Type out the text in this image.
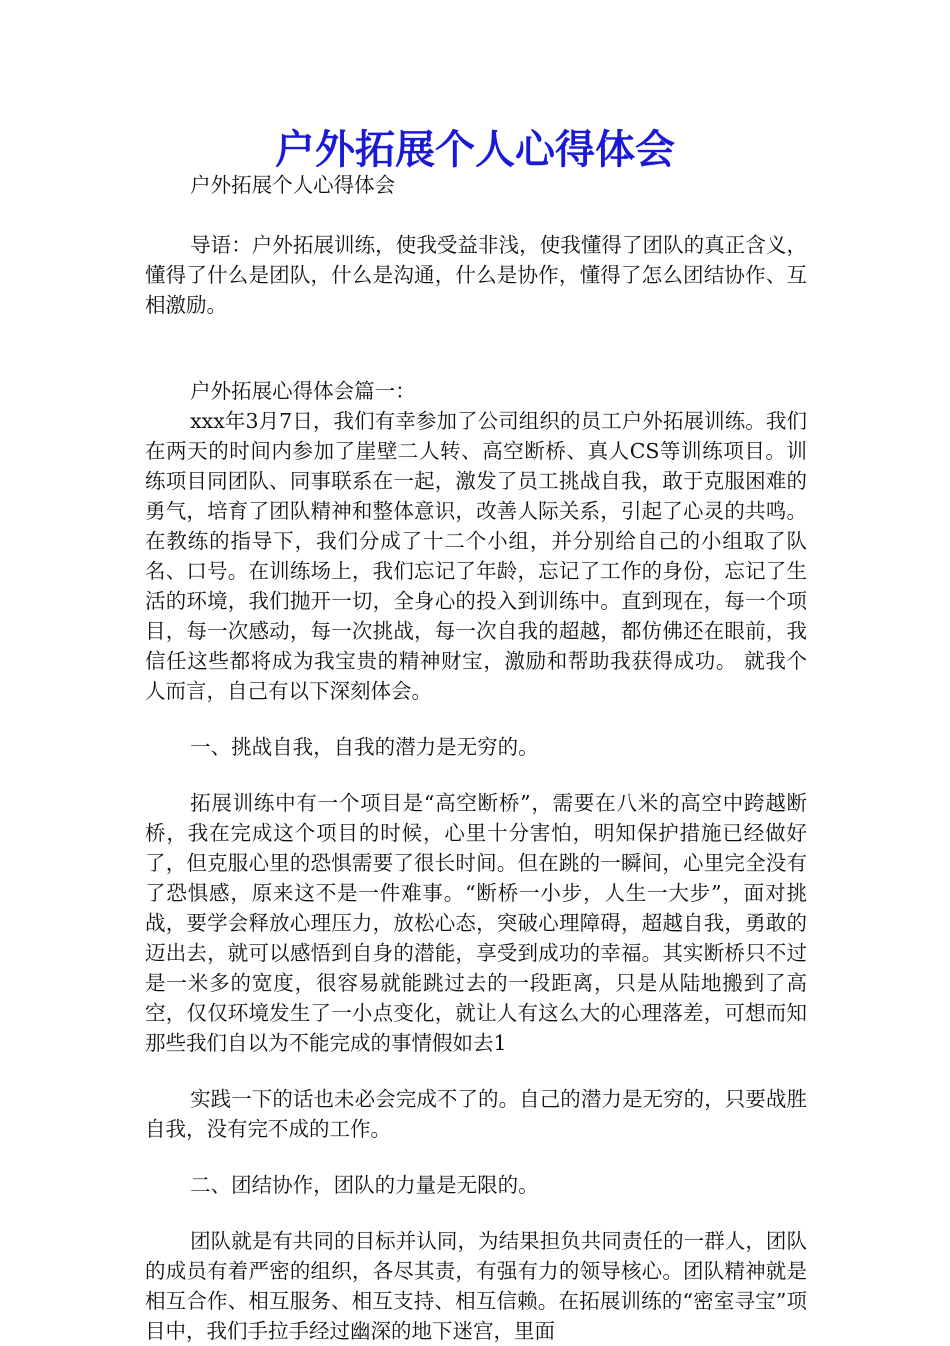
户外拓展个人心得体会

户外拓展个人心得体会

导语：户外拓展训练，使我受益非浅，使我懂得了团队的真正含义，懂得了什么是团队，什么是沟通，什么是协作，懂得了怎么团结协作、互相激励。

户外拓展心得体会篇一：

xxx年3月7日，我们有幸参加了公司组织的员工户外拓展训练。我们在两天的时间内参加了崖壁二人转、高空断桥、真人CS等训练项目。训练项目同团队、同事联系在一起，激发了员工挑战自我，敢于克服困难的勇气，培育了团队精神和整体意识，改善人际关系，引起了心灵的共鸣。在教练的指导下，我们分成了十二个小组，并分别给自己的小组取了队名、口号。在训练场上，我们忘记了年龄，忘记了工作的身份，忘记了生活的环境，我们抛开一切，全身心的投入到训练中。直到现在，每一个项目，每一次感动，每一次挑战，每一次自我的超越，都仿佛还在眼前，我信任这些都将成为我宝贵的精神财宝，激励和帮助我获得成功。 就我个人而言，自己有以下深刻体会。

一、挑战自我，自我的潜力是无穷的。

拓展训练中有一个项目是“高空断桥”，需要在八米的高空中跨越断桥，我在完成这个项目的时候，心里十分害怕，明知保护措施已经做好了，但克服心里的恐惧需要了很长时间。但在跳的一瞬间，心里完全没有了恐惧感，原来这不是一件难事。“断桥一小步，人生一大步”，面对挑战，要学会释放心理压力，放松心态，突破心理障碍，超越自我，勇敢的迈出去，就可以感悟到自身的潜能，享受到成功的幸福。其实断桥只不过是一米多的宽度，很容易就能跳过去的一段距离，只是从陆地搬到了高空，仅仅环境发生了一小点变化，就让人有这么大的心理落差，可想而知那些我们自以为不能完成的事情假如去1

实践一下的话也未必会完成不了的。自己的潜力是无穷的，只要战胜自我，没有完不成的工作。

二、团结协作，团队的力量是无限的。

团队就是有共同的目标并认同，为结果担负共同责任的一群人，团队的成员有着严密的组织，各尽其责，有强有力的领导核心。团队精神就是相互合作、相互服务、相互支持、相互信赖。在拓展训练的“密室寻宝”项目中，我们手拉手经过幽深的地下迷宫，里面
